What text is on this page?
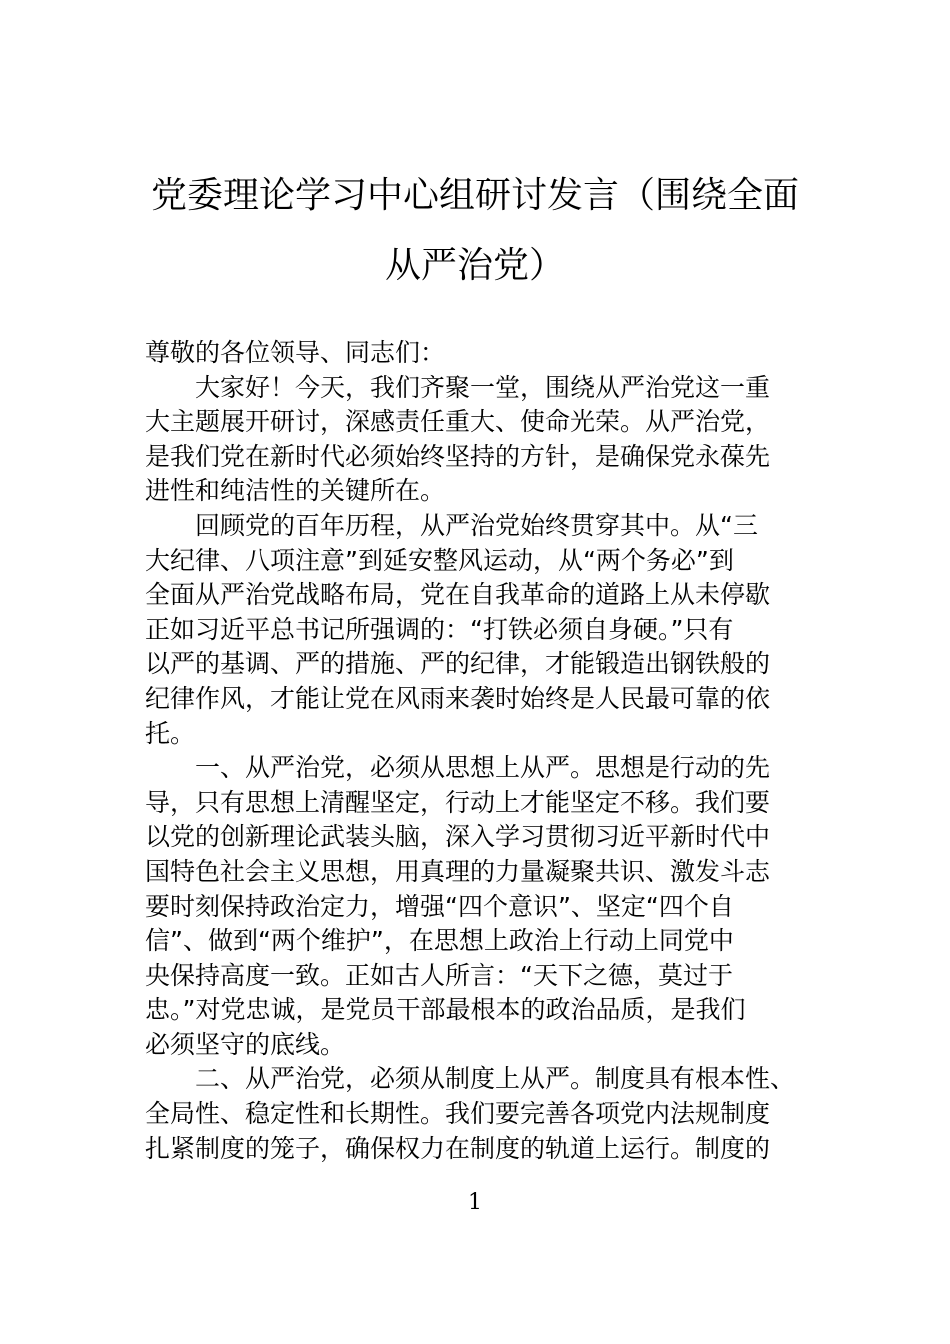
党委理论学习中心组研讨发言（围绕全面
从严治党）
尊敬的各位领导、同志们：
大家好！今天，我们齐聚一堂，围绕从严治党这一重
大主题展开研讨，深感责任重大、使命光荣。从严治党，
是我们党在新时代必须始终坚持的方针，是确保党永葆先
进性和纯洁性的关键所在。
回顾党的百年历程，从严治党始终贯穿其中。从“三
大纪律、八项注意”到延安整风运动，从“两个务必”到
全面从严治党战略布局，党在自我革命的道路上从未停歇
正如习近平总书记所强调的：“打铁必须自身硬。”只有
以严的基调、严的措施、严的纪律，才能锻造出钢铁般的
纪律作风，才能让党在风雨来袭时始终是人民最可靠的依
托。
一、从严治党，必须从思想上从严。思想是行动的先
导，只有思想上清醒坚定，行动上才能坚定不移。我们要
以党的创新理论武装头脑，深入学习贯彻习近平新时代中
国特色社会主义思想，用真理的力量凝聚共识、激发斗志
要时刻保持政治定力，增强“四个意识”、坚定“四个自
信”、做到“两个维护”，在思想上政治上行动上同党中
央保持高度一致。正如古人所言：“天下之德，莫过于
忠。”对党忠诚，是党员干部最根本的政治品质，是我们
必须坚守的底线。
二、从严治党，必须从制度上从严。制度具有根本性、
全局性、稳定性和长期性。我们要完善各项党内法规制度
扎紧制度的笼子，确保权力在制度的轨道上运行。制度的
1
